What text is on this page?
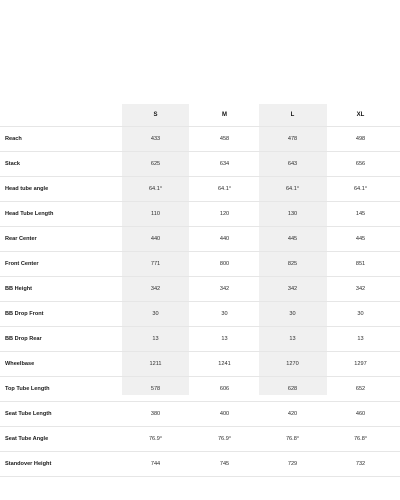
S	M	L	XL
Reach	433	458	478	498
Stack	625	634	643	656
Head tube angle	64.1°	64.1°	64.1°	64.1°
Head Tube Length	110	120	130	145
Rear Center	440	440	445	445
Front Center	771	800	825	851
BB Height	342	342	342	342
BB Drop Front	30	30	30	30
BB Drop Rear	13	13	13	13
Wheelbase	1211	1241	1270	1297
Top Tube Length	578	606	628	652
Seat Tube Length	380	400	420	460
Seat Tube Angle	76.9°	76.9°	76.8°	76.8°
Standover Height	744	745	729	732
